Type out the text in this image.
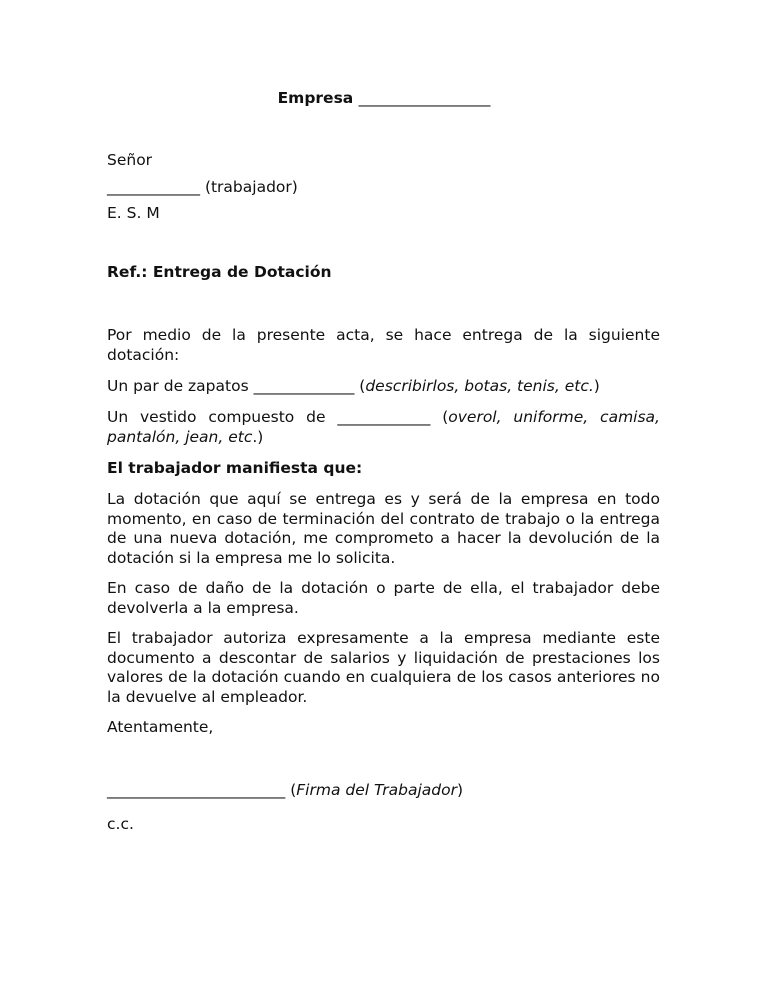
Empresa _________________

Señor

____________ (trabajador)

E. S. M

Ref.: Entrega de Dotación
Por medio de la presente acta, se hace entrega de la siguiente dotación:
Un par de zapatos _____________ (describirlos, botas, tenis, etc.)

Un vestido compuesto de ____________ (overol, uniforme, camisa,

pantalón, jean, etc.)

El trabajador manifiesta que:
La dotación que aquí se entrega es y será de la empresa en todo momento, en caso de terminación del contrato de trabajo o la entrega de una nueva dotación, me comprometo a hacer la devolución de la dotación si la empresa me lo solicita.
En caso de daño de la dotación o parte de ella, el trabajador debe devolverla a la empresa.
El trabajador autoriza expresamente a la empresa mediante este documento a descontar de salarios y liquidación de prestaciones los valores de la dotación cuando en cualquiera de los casos anteriores no la devuelve al empleador.
Atentamente,
_______________________ (Firma del Trabajador)
c.c.
